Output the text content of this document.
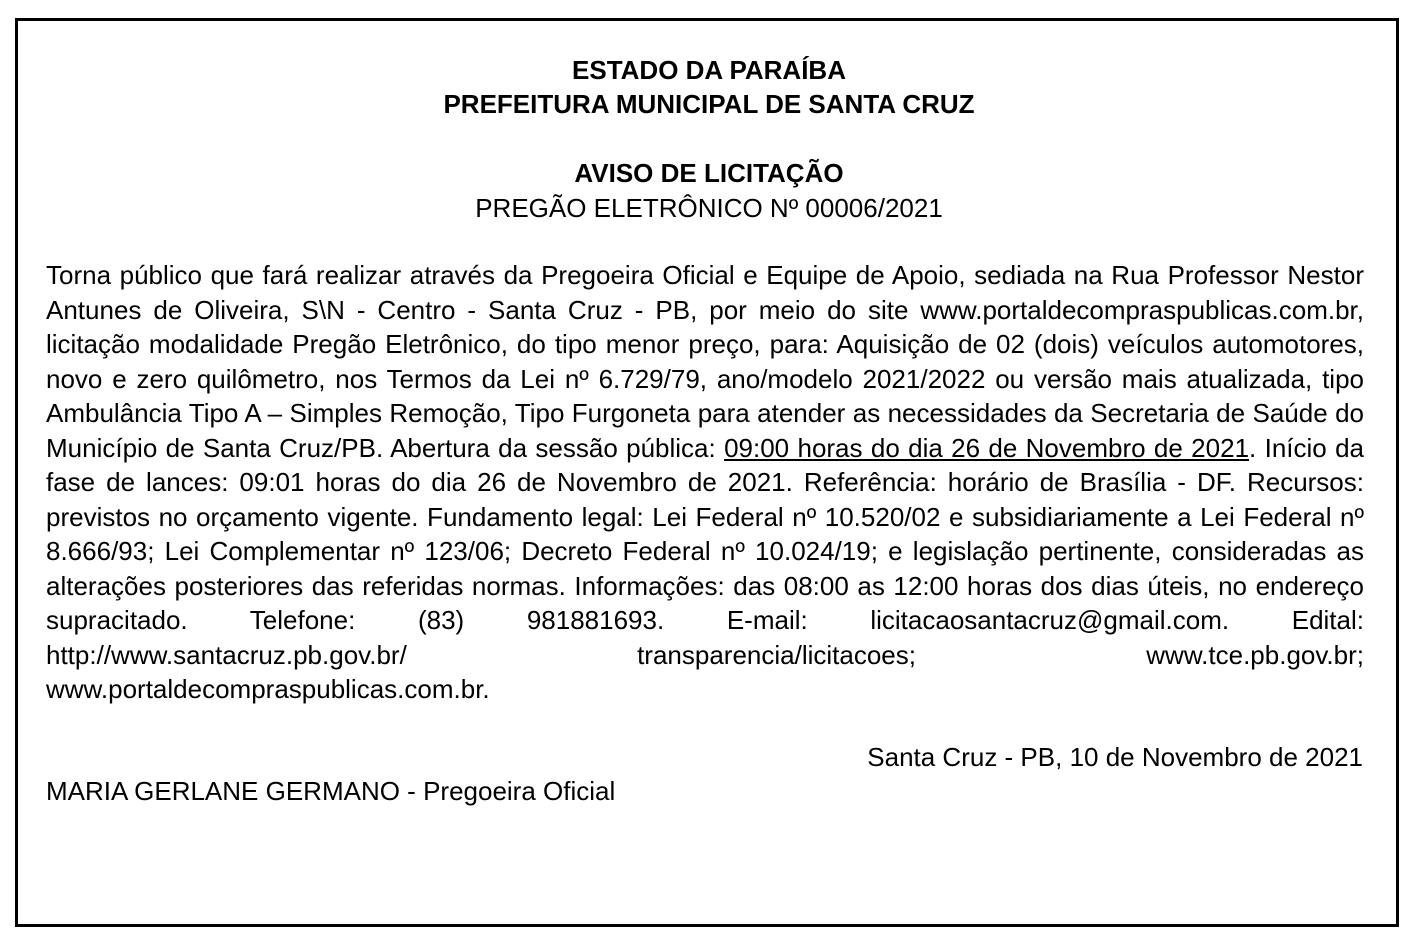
ESTADO DA PARAÍBA
PREFEITURA MUNICIPAL DE SANTA CRUZ
AVISO DE LICITAÇÃO
PREGÃO ELETRÔNICO Nº 00006/2021

Torna público que fará realizar através da Pregoeira Oficial e Equipe de Apoio, sediada na Rua Professor Nestor Antunes de Oliveira, S\N - Centro - Santa Cruz - PB, por meio do site www.portaldecompraspublicas.com.br, licitação modalidade Pregão Eletrônico, do tipo menor preço, para: Aquisição de 02 (dois) veículos automotores, novo e zero quilômetro, nos Termos da Lei nº 6.729/79, ano/modelo 2021/2022 ou versão mais atualizada, tipo Ambulância Tipo A – Simples Remoção, Tipo Furgoneta para atender as necessidades da Secretaria de Saúde do Município de Santa Cruz/PB. Abertura da sessão pública: 09:00 horas do dia 26 de Novembro de 2021. Início da fase de lances: 09:01 horas do dia 26 de Novembro de 2021. Referência: horário de Brasília - DF. Recursos: previstos no orçamento vigente. Fundamento legal: Lei Federal nº 10.520/02 e subsidiariamente a Lei Federal nº 8.666/93; Lei Complementar nº 123/06; Decreto Federal nº 10.024/19; e legislação pertinente, consideradas as alterações posteriores das referidas normas. Informações: das 08:00 as 12:00 horas dos dias úteis, no endereço supracitado. Telefone: (83) 981881693. E-mail: licitacaosantacruz@gmail.com. Edital: http://www.santacruz.pb.gov.br/ transparencia/licitacoes; www.tce.pb.gov.br; www.portaldecompraspublicas.com.br.

Santa Cruz - PB, 10 de Novembro de 2021
MARIA GERLANE GERMANO - Pregoeira Oficial
